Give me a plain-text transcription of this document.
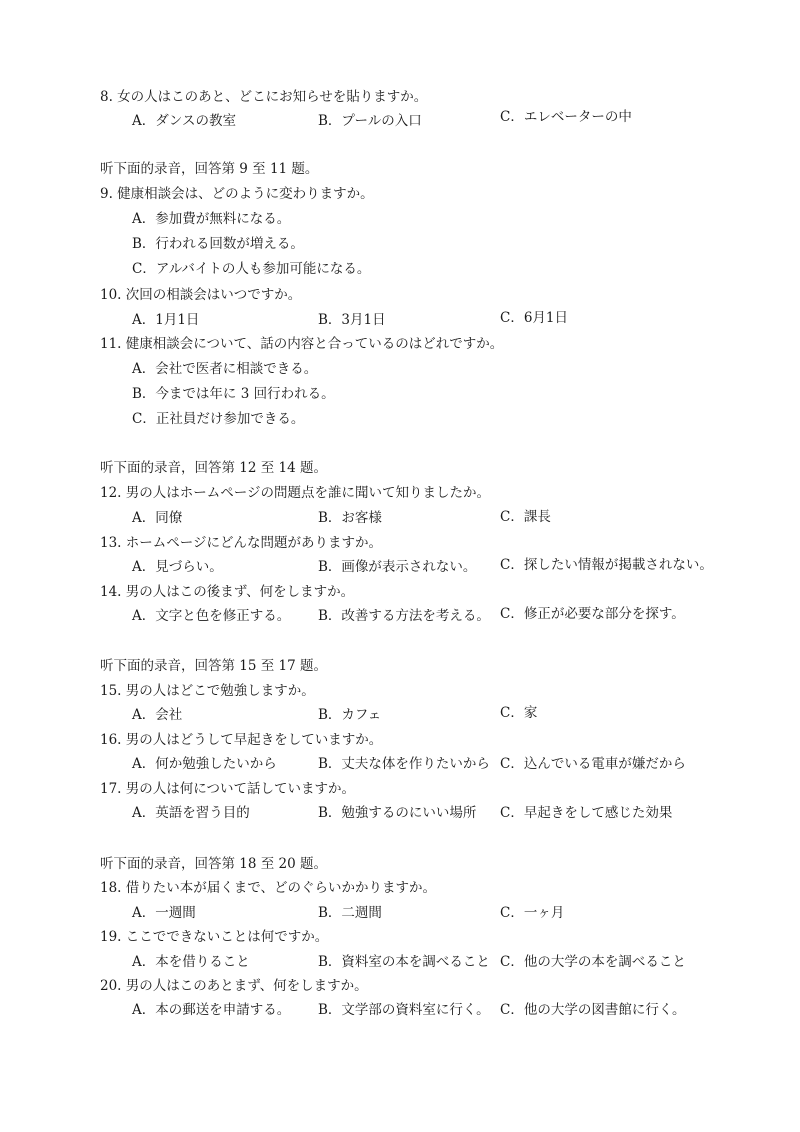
8. 女の人はこのあと、どこにお知らせを貼りますか。
A．ダンスの教室	B．プールの入口	C．エレベーターの中
听下面的录音，回答第 9 至 11 题。
9. 健康相談会は、どのように変わりますか。
A．参加費が無料になる。
B．行われる回数が増える。
C．アルバイトの人も参加可能になる。
10. 次回の相談会はいつですか。
A．1月1日	B．3月1日	C．6月1日
11. 健康相談会について、話の内容と合っているのはどれですか。
A．会社で医者に相談できる。
B．今までは年に 3 回行われる。
C．正社員だけ参加できる。
听下面的录音，回答第 12 至 14 题。
12. 男の人はホームページの問題点を誰に聞いて知りましたか。
A．同僚	B．お客様	C．課長
13. ホームページにどんな問題がありますか。
A．見づらい。	B．画像が表示されない。 C．探したい情報が掲載されない。
14. 男の人はこの後まず、何をしますか。
A．文字と色を修正する。 B．改善する方法を考える。 C．修正が必要な部分を探す。
听下面的录音，回答第 15 至 17 题。
15. 男の人はどこで勉強しますか。
A．会社	B．カフェ	C．家
16. 男の人はどうして早起きをしていますか。
A．何か勉強したいから	B．丈夫な体を作りたいから C．込んでいる電車が嫌だから
17. 男の人は何について話していますか。
A．英語を習う目的	B．勉強するのにいい場所 C．早起きをして感じた効果
听下面的录音，回答第 18 至 20 题。
18. 借りたい本が届くまで、どのぐらいかかりますか。
A．一週間	B．二週間	C．一ヶ月
19. ここでできないことは何ですか。
A．本を借りること	B．資料室の本を調べること C．他の大学の本を調べること
20. 男の人はこのあとまず、何をしますか。
A．本の郵送を申請する。 B．文学部の資料室に行く。 C．他の大学の図書館に行く。
